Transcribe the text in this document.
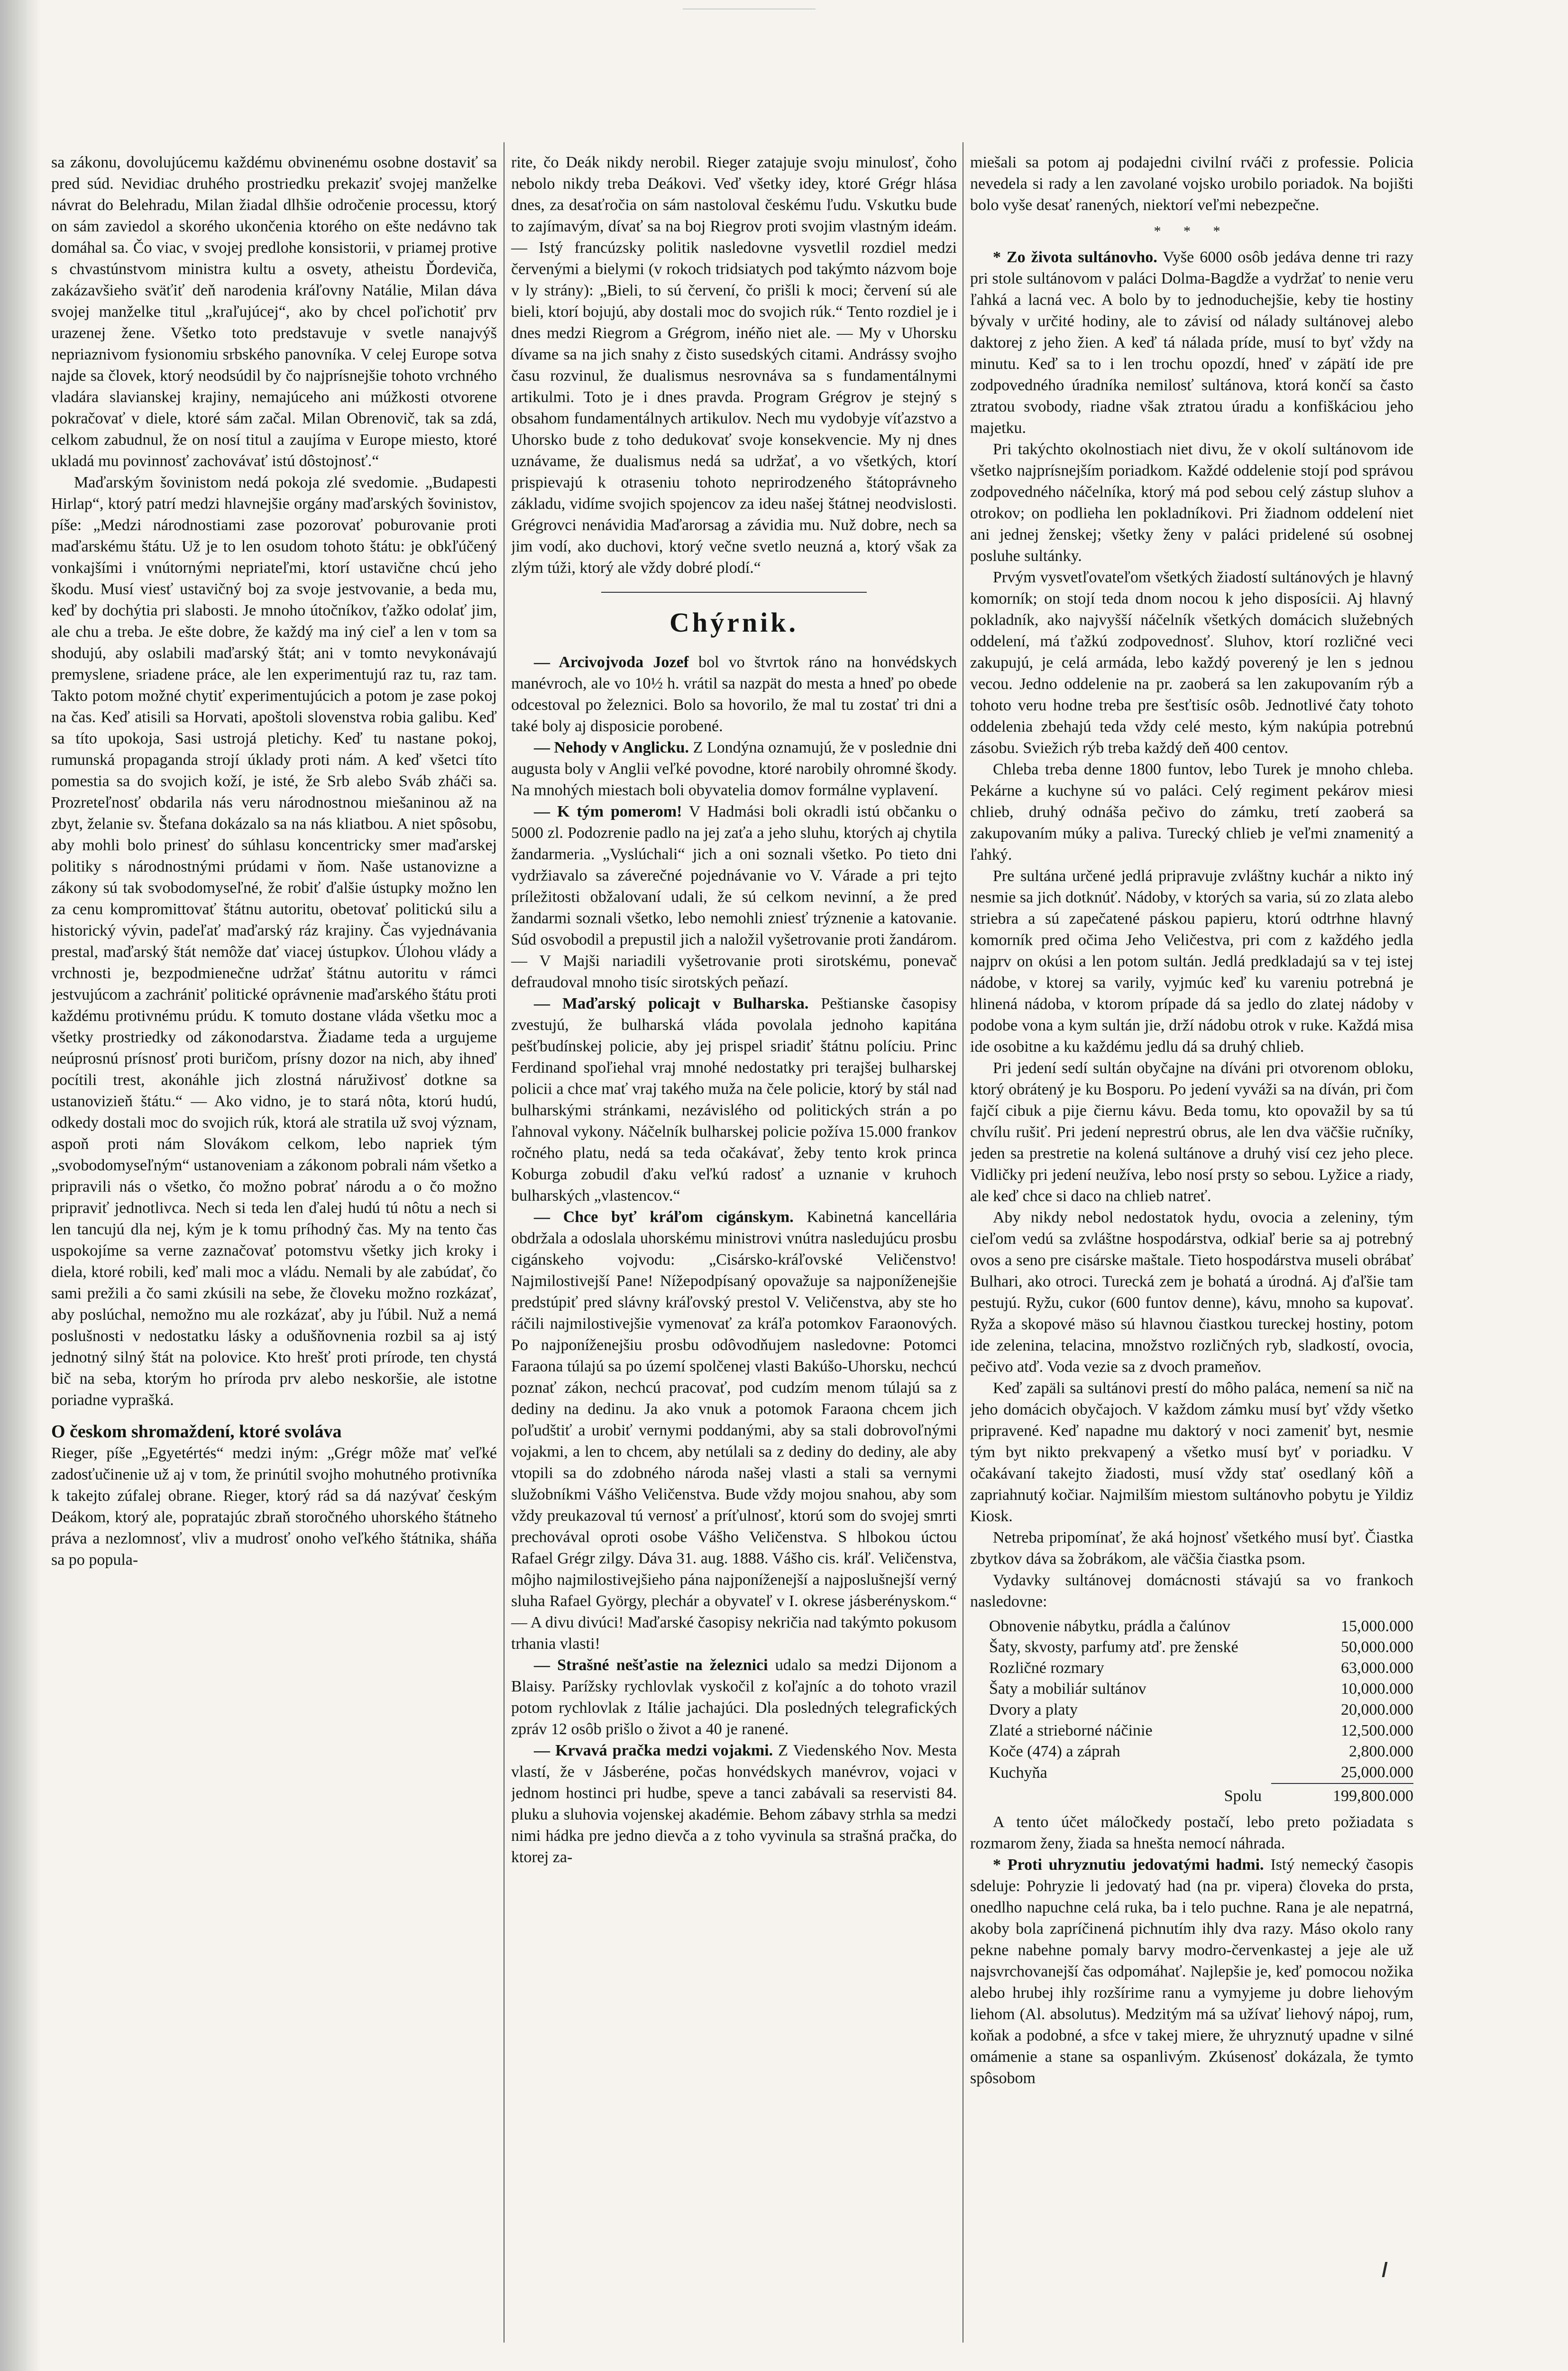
sa zákonu, dovolujúcemu každému obvinenému osobne dostaviť sa pred súd. Nevidiac druhého prostriedku prekaziť svojej manželke návrat do Belehradu, Milan žiadal dlhšie odročenie processu, ktorý on sám zaviedol a skorého ukončenia ktorého on ešte nedávno tak domáhal sa. Čo viac, v svojej predlohe konsistorii, v priamej protive s chvastúnstvom ministra kultu a osvety, atheistu Ďordeviča, zakázavšieho sväťiť deň narodenia kráľovny Natálie, Milan dáva svojej manželke titul „kraľujúcej“, ako by chcel poľichotiť prv urazenej žene. Všetko toto predstavuje v svetle nanajvýš nepriaznivom fysionomiu srbského panovníka. V celej Europe sotva najde sa človek, ktorý neodsúdil by čo najprísnejšie tohoto vrchného vladára slavianskej krajiny, nemajúceho ani múžkosti otvorene pokračovať v diele, ktoré sám začal. Milan Obrenovič, tak sa zdá, celkom zabudnul, že on nosí titul a zaujíma v Europe miesto, ktoré ukladá mu povinnosť zachovávať istú dôstojnosť.“

Maďarským šovinistom nedá pokoja zlé svedomie. „Budapesti Hirlap“, ktorý patrí medzi hlavnejšie orgány maďarských šovinistov, píše: „Medzi národnostiami zase pozorovať poburovanie proti maďarskému štátu. Už je to len osudom tohoto štátu: je obkľúčený vonkajšími i vnútornými nepriateľmi, ktorí ustavične chcú jeho škodu. Musí viesť ustavičný boj za svoje jestvovanie, a beda mu, keď by dochýtia pri slabosti. Je mnoho útočníkov, ťažko odolať jim, ale chu a treba. Je ešte dobre, že každý ma iný cieľ a len v tom sa shodujú, aby oslabili maďarský štát; ani v tomto nevykonávajú premyslene, sriadene práce, ale len experimentujú raz tu, raz tam. Takto potom možné chytiť experimentujúcich a potom je zase pokoj na čas. Keď atisili sa Horvati, apoštoli slovenstva robia galibu. Keď sa títo upokoja, Sasi ustrojá pletichy. Keď tu nastane pokoj, rumunská propaganda strojí úklady proti nám. A keď všetci títo pomestia sa do svojich koží, je isté, že Srb alebo Sváb zháči sa. Prozreteľnosť obdarila nás veru národnostnou miešaninou až na zbyt, želanie sv. Štefana dokázalo sa na nás kliatbou. A niet spôsobu, aby mohli bolo prinesť do súhlasu koncentricky smer maďarskej politiky s národnostnými prúdami v ňom. Naše ustanovizne a zákony sú tak svobodomyseľné, že robiť ďalšie ústupky možno len za cenu kompromittovať štátnu autoritu, obetovať politickú silu a historický vývin, padeľať maďarský ráz krajiny. Čas vyjednávania prestal, maďarský štát nemôže dať viacej ústupkov. Úlohou vlády a vrchnosti je, bezpodmienečne udržať štátnu autoritu v rámci jestvujúcom a zachrániť politické oprávnenie maďarského štátu proti každému protivnému prúdu. K tomuto dostane vláda všetku moc a všetky prostriedky od zákonodarstva. Žiadame teda a urgujeme neúprosnú prísnosť proti buričom, prísny dozor na nich, aby ihneď pocítili trest, akonáhle jich zlostná náruživosť dotkne sa ustanovizieň štátu.“ — Ako vidno, je to stará nôta, ktorú hudú, odkedy dostali moc do svojich rúk, ktorá ale stratila už svoj význam, aspoň proti nám Slovákom celkom, lebo napriek tým „svobodomyseľným“ ustanoveniam a zákonom pobrali nám všetko a pripravili nás o všetko, čo možno pobrať národu a o čo možno pripraviť jednotlivca. Nech si teda len ďalej hudú tú nôtu a nech si len tancujú dla nej, kým je k tomu príhodný čas. My na tento čas uspokojíme sa verne zaznačovať potomstvu všetky jich kroky i diela, ktoré robili, keď mali moc a vládu. Nemali by ale zabúdať, čo sami prežili a čo sami zkúsili na sebe, že človeku možno rozkázať, aby poslúchal, nemožno mu ale rozkázať, aby ju ľúbil. Nuž a nemá poslušnosti v nedostatku lásky a odušňovnenia rozbil sa aj istý jednotný silný štát na polovice. Kto hrešť proti prírode, ten chystá bič na seba, ktorým ho príroda prv alebo neskoršie, ale istotne poriadne vyprašká.

O českom shromaždení, ktoré svoláva

Rieger, píše „Egyetértés“ medzi iným: „Grégr môže mať veľké zadosťučinenie už aj v tom, že prinútil svojho mohutného protivníka k takejto zúfalej obrane. Rieger, ktorý rád sa dá nazývať českým Deákom, ktorý ale, popratajúc zbraň storočného uhorského štátneho práva a nezlomnosť, vliv a mudrosť onoho veľkého štátnika, sháňa sa po popula-

rite, čo Deák nikdy nerobil. Rieger zatajuje svoju minulosť, čoho nebolo nikdy treba Deákovi. Veď všetky idey, ktoré Grégr hlása dnes, za desaťročia on sám nastoloval českému ľudu. Vskutku bude to zajímavým, dívať sa na boj Riegrov proti svojim vlastným ideám. — Istý francúzsky politik nasledovne vysvetlil rozdiel medzi červenými a bielymi (v rokoch tridsiatych pod takýmto názvom boje v ly strány): „Bieli, to sú červení, čo prišli k moci; červení sú ale bieli, ktorí bojujú, aby dostali moc do svojich rúk.“ Tento rozdiel je i dnes medzi Riegrom a Grégrom, inéňo niet ale. — My v Uhorsku dívame sa na jich snahy z čisto susedských citami. Andrássy svojho času rozvinul, že dualismus nesrovnáva sa s fundamentálnymi artikulmi. Toto je i dnes pravda. Program Grégrov je stejný s obsahom fundamentálnych artikulov. Nech mu vydobyje víťazstvo a Uhorsko bude z toho dedukovať svoje konsekvencie. My nj dnes uznávame, že dualismus nedá sa udržať, a vo všetkých, ktorí prispievajú k otraseniu tohoto neprirodzeného štátoprávneho základu, vidíme svojich spojencov za ideu našej štátnej neodvislosti. Grégrovci nenávidia Maďarorsag a závidia mu. Nuž dobre, nech sa jim vodí, ako duchovi, ktorý večne svetlo neuzná a, ktorý však za zlým túži, ktorý ale vždy dobré plodí.“

Chýrnik.

— Arcivojvoda Jozef bol vo štvrtok ráno na honvédskych manévroch, ale vo 10½ h. vrátil sa nazpät do mesta a hneď po obede odcestoval po železnici. Bolo sa hovorilo, že mal tu zostať tri dni a také boly aj disposicie porobené.

— Nehody v Anglicku. Z Londýna oznamujú, že v poslednie dni augusta boly v Anglii veľké povodne, ktoré narobily ohromné škody. Na mnohých miestach boli obyvatelia domov formálne vyplavení.

— K tým pomerom! V Hadmási boli okradli istú občanku o 5000 zl. Podozrenie padlo na jej zaťa a jeho sluhu, ktorých aj chytila žandarmeria. „Vyslúchali“ jich a oni soznali všetko. Po tieto dni vydržiavalo sa záverečné pojednávanie vo V. Várade a pri tejto príležitosti obžalovaní udali, že sú celkom nevinní, a že pred žandarmi soznali všetko, lebo nemohli zniesť trýznenie a katovanie. Súd osvobodil a prepustil jich a naložil vyšetrovanie proti žandárom. — V Majši nariadili vyšetrovanie proti sirotskému, ponevač defraudoval mnoho tisíc sirotských peňazí.

— Maďarský policajt v Bulharska. Peštianske časopisy zvestujú, že bulharská vláda povolala jednoho kapitána pešťbudínskej policie, aby jej prispel sriadiť štátnu políciu. Princ Ferdinand spoľiehal vraj mnohé nedostatky pri terajšej bulharskej policii a chce mať vraj takého muža na čele policie, ktorý by stál nad bulharskými stránkami, nezávislého od politických strán a po ľahnoval vykony. Náčelník bulharskej policie požíva 15.000 frankov ročného platu, nedá sa teda očakávať, žeby tento krok princa Koburga zobudil ďaku veľkú radosť a uznanie v kruhoch bulharských „vlastencov.“

— Chce byť kráľom cigánskym. Kabinetná kancellária obdržala a odoslala uhorskému ministrovi vnútra nasledujúcu prosbu cigánskeho vojvodu: „Cisársko-kráľovské Veličenstvo! Najmilostivejší Pane! Nížepodpísaný opovažuje sa najponíženejšie predstúpiť pred slávny kráľovský prestol V. Veličenstva, aby ste ho ráčili najmilostivejšie vymenovať za kráľa potomkov Faraonových. Po najponíženejšiu prosbu odôvodňujem nasledovne: Potomci Faraona túlajú sa po území spolčenej vlasti Bakúšo-Uhorsku, nechcú poznať zákon, nechcú pracovať, pod cudzím menom túlajú sa z dediny na dedinu. Ja ako vnuk a potomok Faraona chcem jich poľudštiť a urobiť vernymi poddanými, aby sa stali dobrovoľnými vojakmi, a len to chcem, aby netúlali sa z dediny do dediny, ale aby vtopili sa do zdobného národa našej vlasti a stali sa vernymi služobníkmi Vášho Veličenstva. Bude vždy mojou snahou, aby som vždy preukazoval tú vernosť a príťulnosť, ktorú som do svojej smrti prechovával oproti osobe Vášho Veličenstva. S hlbokou úctou Rafael Grégr zilgy. Dáva 31. aug. 1888. Vášho cis. kráľ. Veličenstva, môjho najmilostivejšieho pána najponíženejší a najposlušnejší verný sluha Rafael Györgу, plechár a obyvateľ v I. okrese jásberényskom.“ — A divu divúci! Maďarské časopisy nekričia nad takýmto pokusom trhania vlasti!

— Strašné nešťastie na železnici udalo sa medzi Dijonom a Blaisy. Parížsky rychlovlak vyskočil z koľajníc a do tohoto vrazil potom rychlovlak z Itálie jachajúci. Dla posledných telegrafických zpráv 12 osôb prišlo o život a 40 je ranené.

— Krvavá pračka medzi vojakmi. Z Viedenského Nov. Mesta vlastí, že v Jásberéne, počas honvédskych manévrov, vojaci v jednom hostinci pri hudbe, speve a tanci zabávali sa reservisti 84. pluku a sluhovia vojenskej akadémie. Behom zábavy strhla sa medzi nimi hádka pre jedno dievča a z toho vyvinula sa strašná pračka, do ktorej za-

miešali sa potom aj podajedni civilní rváči z professie. Policia nevedela si rady a len zavolané vojsko urobilo poriadok. Na bojišti bolo vyše desať ranených, niektorí veľmi nebezpečne.

* * *

* Zo života sultánovho. Vyše 6000 osôb jedáva denne tri razy pri stole sultánovom v paláci Dolma-Bagdže a vydržať to nenie veru ľahká a lacná vec. A bolo by to jednoduchejšie, keby tie hostiny bývaly v určité hodiny, ale to závisí od nálady sultánovej alebo daktorej z jeho žien. A keď tá nálada príde, musí to byť vždy na minutu. Keď sa to i len trochu opozdí, hneď v zápätí ide pre zodpovedného úradníka nemilosť sultánova, ktorá končí sa často ztratou svobody, riadne však ztratou úradu a konfiškáciou jeho majetku.

Pri takýchto okolnostiach niet divu, že v okolí sultánovom ide všetko najprísnejším poriadkom. Každé oddelenie stojí pod správou zodpovedného náčelníka, ktorý má pod sebou celý zástup sluhov a otrokov; on podlieha len pokladníkovi. Pri žiadnom oddelení niet ani jednej ženskej; všetky ženy v paláci pridelené sú osobnej posluhe sultánky.

Prvým vysvetľovateľom všetkých žiadostí sultánových je hlavný komorník; on stojí teda dnom nocou k jeho disposícii. Aj hlavný pokladník, ako najvyšší náčelník všetkých domácich služebných oddelení, má ťažkú zodpovednosť. Sluhov, ktorí rozličné veci zakupujú, je celá armáda, lebo každý poverený je len s jednou vecou. Jedno oddelenie na pr. zaoberá sa len zakupovaním rýb a tohoto veru hodne treba pre šesťtisíc osôb. Jednotlivé čaty tohoto oddelenia zbehajú teda vždy celé mesto, kým nakúpia potrebnú zásobu. Sviežich rýb treba každý deň 400 centov.

Chleba treba denne 1800 funtov, lebo Turek je mnoho chleba. Pekárne a kuchyne sú vo paláci. Celý regiment pekárov miesi chlieb, druhý odnáša pečivo do zámku, tretí zaoberá sa zakupovaním múky a paliva. Turecký chlieb je veľmi znamenitý a ľahký.

Pre sultána určené jedlá pripravuje zvláštny kuchár a nikto iný nesmie sa jich dotknúť. Nádoby, v ktorých sa varia, sú zo zlata alebo striebra a sú zapečatené páskou papieru, ktorú odtrhne hlavný komorník pred očima Jeho Veličestva, pri com z každého jedla najprv on okúsi a len potom sultán. Jedlá predkladajú sa v tej istej nádobe, v ktorej sa varily, vyjmúc keď ku vareniu potrebná je hlinená nádoba, v ktorom prípade dá sa jedlo do zlatej nádoby v podobe vona a kym sultán jie, drží nádobu otrok v ruke. Každá misa ide osobitne a ku každému jedlu dá sa druhý chlieb.

Pri jedení sedí sultán obyčajne na díváni pri otvorenom obloku, ktorý obrátený je ku Bosporu. Po jedení vyváži sa na díván, pri čom fajčí cibuk a pije čiernu kávu. Beda tomu, kto opovažil by sa tú chvílu rušiť. Pri jedení neprestrú obrus, ale len dva väčšie ručníky, jeden sa prestretie na kolená sultánove a druhý visí cez jeho plece. Vidličky pri jedení neužíva, lebo nosí prsty so sebou. Lyžice a riady, ale keď chce si daco na chlieb natreť.

Aby nikdy nebol nedostatok hydu, ovocia a zeleniny, tým cieľom vedú sa zvláštne hospodárstva, odkiaľ berie sa aj potrebný ovos a seno pre cisárske maštale. Tieto hospodárstva museli obrábať Bulhari, ako otroci. Turecká zem je bohatá a úrodná. Aj ďaľšie tam pestujú. Ryžu, cukor (600 funtov denne), kávu, mnoho sa kupovať. Ryža a skopové mäso sú hlavnou čiastkou tureckej hostiny, potom ide zelenina, telacina, množstvo rozličných ryb, sladkostí, ovocia, pečivo atď. Voda vezie sa z dvoch prameňov.

Keď zapäli sa sultánovi prestí do môho paláca, nemení sa nič na jeho domácich obyčajoch. V každom zámku musí byť vždy všetko pripravené. Keď napadne mu daktorý v noci zameniť byt, nesmie tým byt nikto prekvapený a všetko musí byť v poriadku. V očakávaní takejto žiadosti, musí vždy stať osedlaný kôň a zapriahnutý kočiar. Najmilším miestom sultánovho pobytu je Yildiz Kiosk.

Netreba pripomínať, že aká hojnosť všetkého musí byť. Čiastka zbytkov dáva sa žobrákom, ale väčšia čiastka psom.

Vydavky sultánovej domácnosti stávajú sa vo frankoch nasledovne:

Obnovenie nábytku, prádla a čalúnov	15,000.000
Šaty, skvosty, parfumy atď. pre ženské	50,000.000
Rozličné rozmary	63,000.000
Šaty a mobiliár sultánov	10,000.000
Dvory a platy	20,000.000
Zlaté a strieborné náčinie	12,500.000
Koče (474) a záprah	2,800.000
Kuchyňa	25,000.000
Spolu	199,800.000

A tento účet máločkedy postačí, lebo preto požiadata s rozmarom ženy, žiada sa hnešta nemocí náhrada.

* Proti uhryznutiu jedovatými hadmi. Istý nemecký časopis sdeluje: Pohryzie li jedovatý had (na pr. vipera) človeka do prsta, onedlho napuchne celá ruka, ba i telo puchne. Rana je ale nepatrná, akoby bola zapríčinená pichnutím ihly dva razy. Máso okolo rany pekne nabehne pomaly barvy modro-červenkastej a jeje ale už najsvrchovanejší čas odpomáhať. Najlepšie je, keď pomocou nožika alebo hrubej ihly rozšírime ranu a vymyjeme ju dobre liehovým liehom (Al. absolutus). Medzitým má sa užívať liehový nápoj, rum, koňak a podobné, a sfce v takej miere, že uhryznutý upadne v silné omámenie a stane sa ospanlivým. Zkúsenosť dokázala, že tymto spôsobom
